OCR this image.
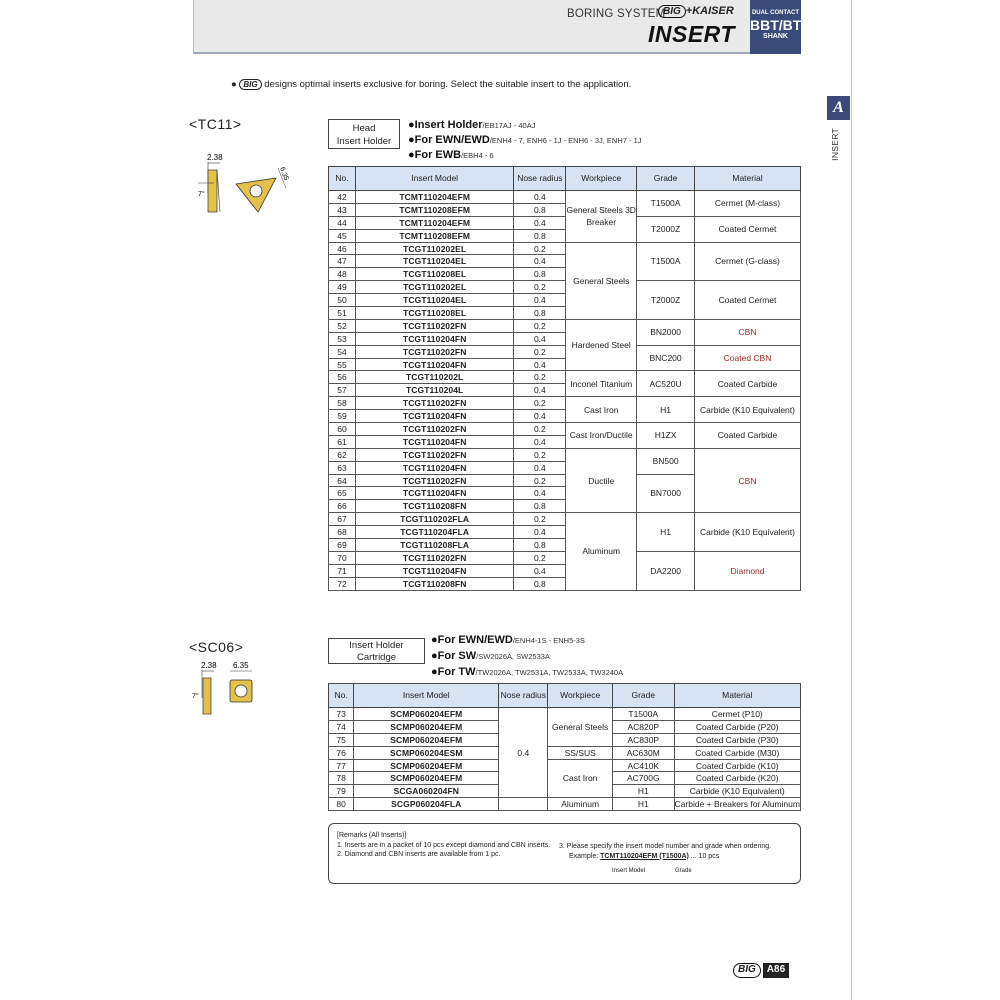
BORING SYSTEM
BIG +KAISER
INSERT
DUAL CONTACT
BBT/BT
SHANK
A
INSERT
● BIG designs optimal inserts exclusive for boring. Select the suitable insert to the application.
<TC11>
2.38
7°
6.35
Head
Insert Holder
●Insert Holder/EB17AJ - 40AJ
●For EWN/EWD/ENH4 - 7, ENH6 - 1J - ENH6 - 3J, ENH7 - 1J
●For EWB/EBH4 - 6
No.	Insert Model	Nose radius	Workpiece	Grade	Material
42	TCMT110204EFM	0.4	General Steels 3D Breaker	T1500A	Cermet (M-class)
43	TCMT110208EFM	0.8			
44	TCMT110204EFM	0.4		T2000Z	Coated Cermet
45	TCMT110208EFM	0.8			
46	TCGT110202EL	0.2	General Steels	T1500A	Cermet (G-class)
47	TCGT110204EL	0.4			
48	TCGT110208EL	0.8			
49	TCGT110202EL	0.2		T2000Z	Coated Cermet
50	TCGT110204EL	0.4			
51	TCGT110208EL	0.8			
52	TCGT110202FN	0.2	Hardened Steel	BN2000	CBN
53	TCGT110204FN	0.4			
54	TCGT110202FN	0.2		BNC200	Coated CBN
55	TCGT110204FN	0.4			
56	TCGT110202L	0.2	Inconel Titanium	AC520U	Coated Carbide
57	TCGT110204L	0.4			
58	TCGT110202FN	0.2	Cast Iron	H1	Carbide (K10 Equivalent)
59	TCGT110204FN	0.4			
60	TCGT110202FN	0.2	Cast Iron/Ductile	H1ZX	Coated Carbide
61	TCGT110204FN	0.4			
62	TCGT110202FN	0.2	Ductile	BN500	CBN
63	TCGT110204FN	0.4			
64	TCGT110202FN	0.2		BN7000	
65	TCGT110204FN	0.4			
66	TCGT110208FN	0.8			
67	TCGT110202FLA	0.2	Aluminum	H1	Carbide (K10 Equivalent)
68	TCGT110204FLA	0.4			
69	TCGT110208FLA	0.8			
70	TCGT110202FN	0.2		DA2200	Diamond
71	TCGT110204FN	0.4			
72	TCGT110208FN	0.8			
<SC06>
2.38
7°
6.35
Insert Holder
Cartridge
●For EWN/EWD/ENH4-1S - ENH5-3S
●For SW/SW2026A, SW2533A
●For TW/TW2026A, TW2531A, TW2533A, TW3240A
No.	Insert Model	Nose radius	Workpiece	Grade	Material
73	SCMP060204EFM	0.4	General Steels	T1500A	Cermet (P10)
74	SCMP060204EFM			AC820P	Coated Carbide (P20)
75	SCMP060204EFM			AC830P	Coated Carbide (P30)
76	SCMP060204ESM		SS/SUS	AC630M	Coated Carbide (M30)
77	SCMP060204EFM		Cast Iron	AC410K	Coated Carbide (K10)
78	SCMP060204EFM			AC700G	Coated Carbide (K20)
79	SCGA060204FN			H1	Carbide (K10 Equivalent)
80	SCGP060204FLA		Aluminum	H1	Carbide + Breakers for Aluminum
[Remarks (All Inserts)]
1. Inserts are in a packet of 10 pcs except diamond and CBN inserts.
2. Diamond and CBN inserts are available from 1 pc.
3. Please specify the insert model number and grade when ordering.
Example: TCMT110204EFM (T1500A) ... 10 pcs
Insert Model	Grade
BIG	A86
